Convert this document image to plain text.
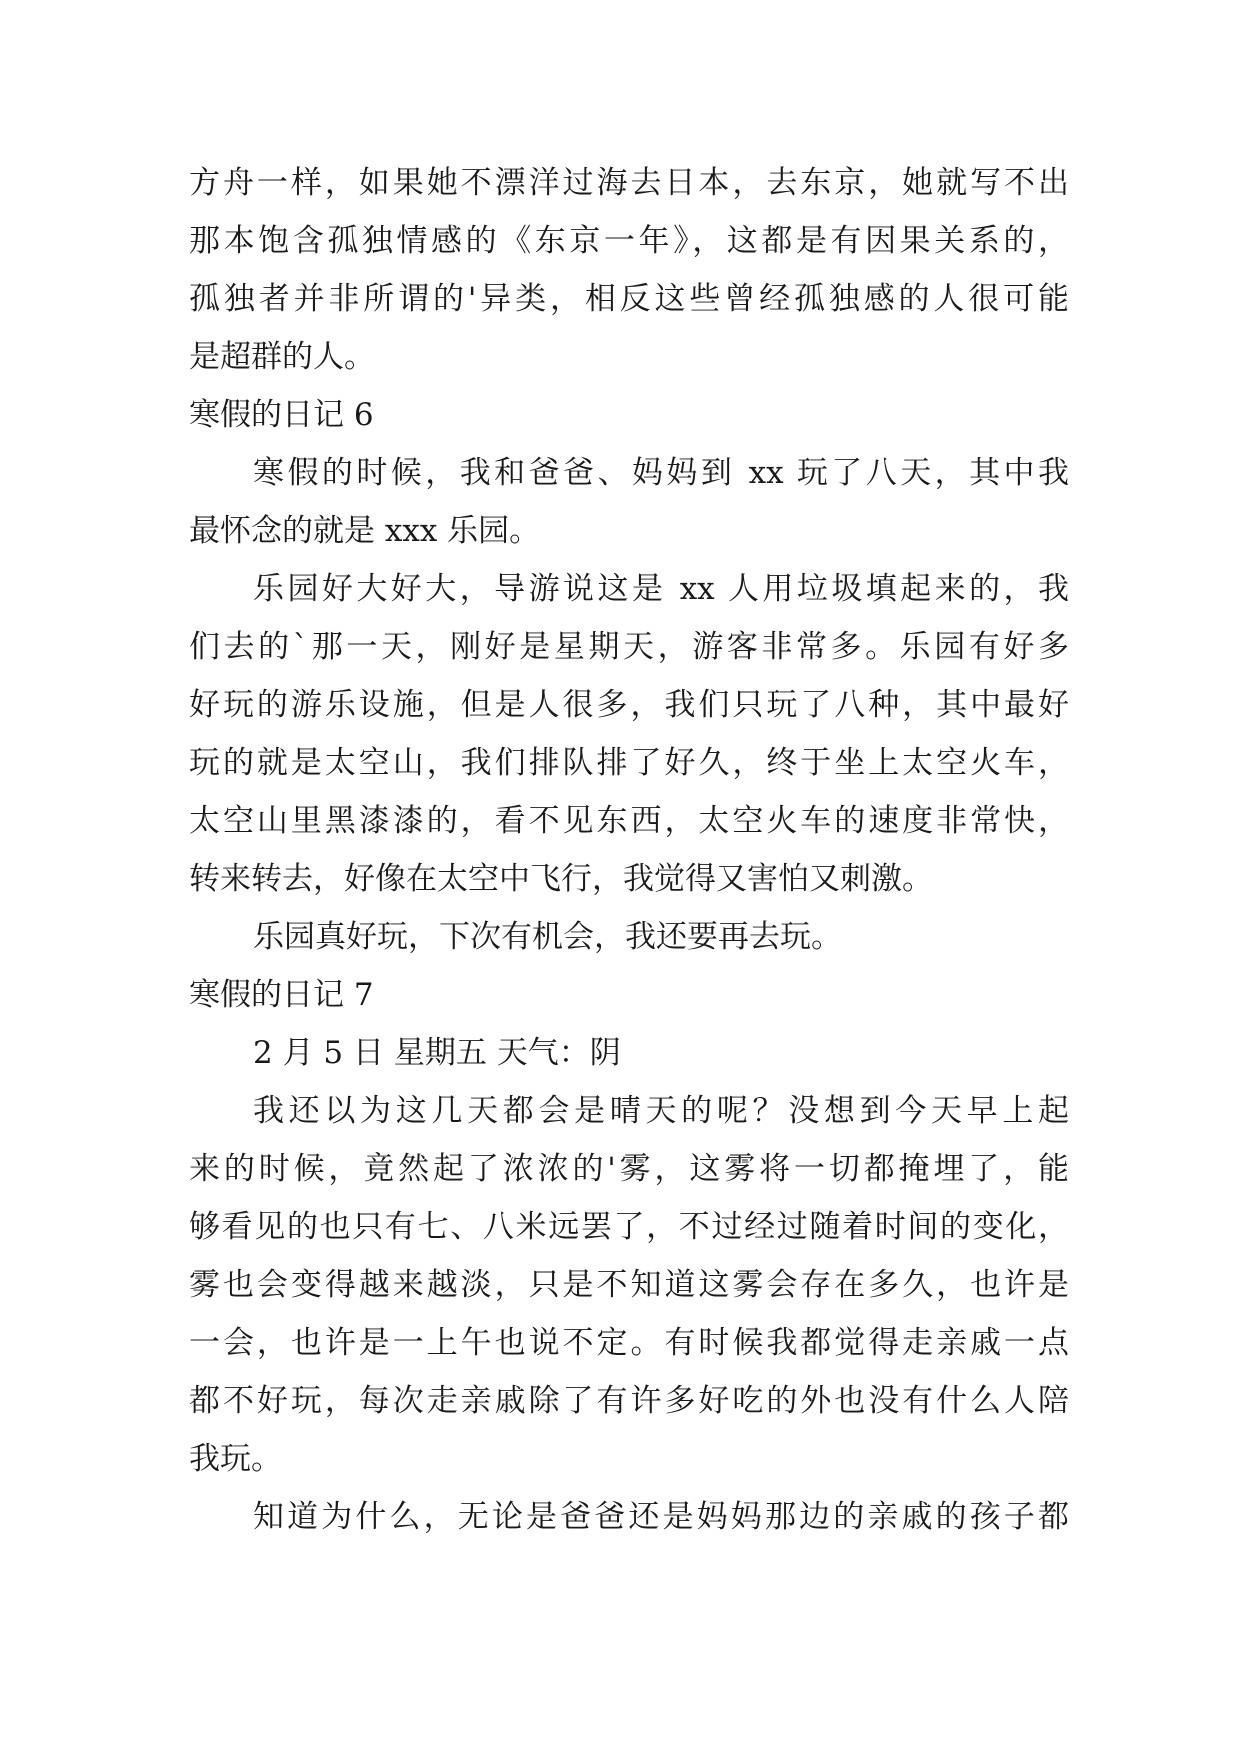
方舟一样，如果她不漂洋过海去日本，去东京，她就写不出
那本饱含孤独情感的《东京一年》，这都是有因果关系的，
孤独者并非所谓的'异类，相反这些曾经孤独感的人很可能
是超群的人。
寒假的日记 6
寒假的时候，我和爸爸、妈妈到 xx 玩了八天，其中我
最怀念的就是 xxx 乐园。
乐园好大好大，导游说这是 xx 人用垃圾填起来的，我
们去的`那一天，刚好是星期天，游客非常多。乐园有好多
好玩的游乐设施，但是人很多，我们只玩了八种，其中最好
玩的就是太空山，我们排队排了好久，终于坐上太空火车，
太空山里黑漆漆的，看不见东西，太空火车的速度非常快，
转来转去，好像在太空中飞行，我觉得又害怕又刺激。
乐园真好玩，下次有机会，我还要再去玩。
寒假的日记 7
2 月 5 日 星期五 天气：阴
我还以为这几天都会是晴天的呢？没想到今天早上起
来的时候，竟然起了浓浓的'雾，这雾将一切都掩埋了，能
够看见的也只有七、八米远罢了，不过经过随着时间的变化，
雾也会变得越来越淡，只是不知道这雾会存在多久，也许是
一会，也许是一上午也说不定。有时候我都觉得走亲戚一点
都不好玩，每次走亲戚除了有许多好吃的外也没有什么人陪
我玩。
知道为什么，无论是爸爸还是妈妈那边的亲戚的孩子都
